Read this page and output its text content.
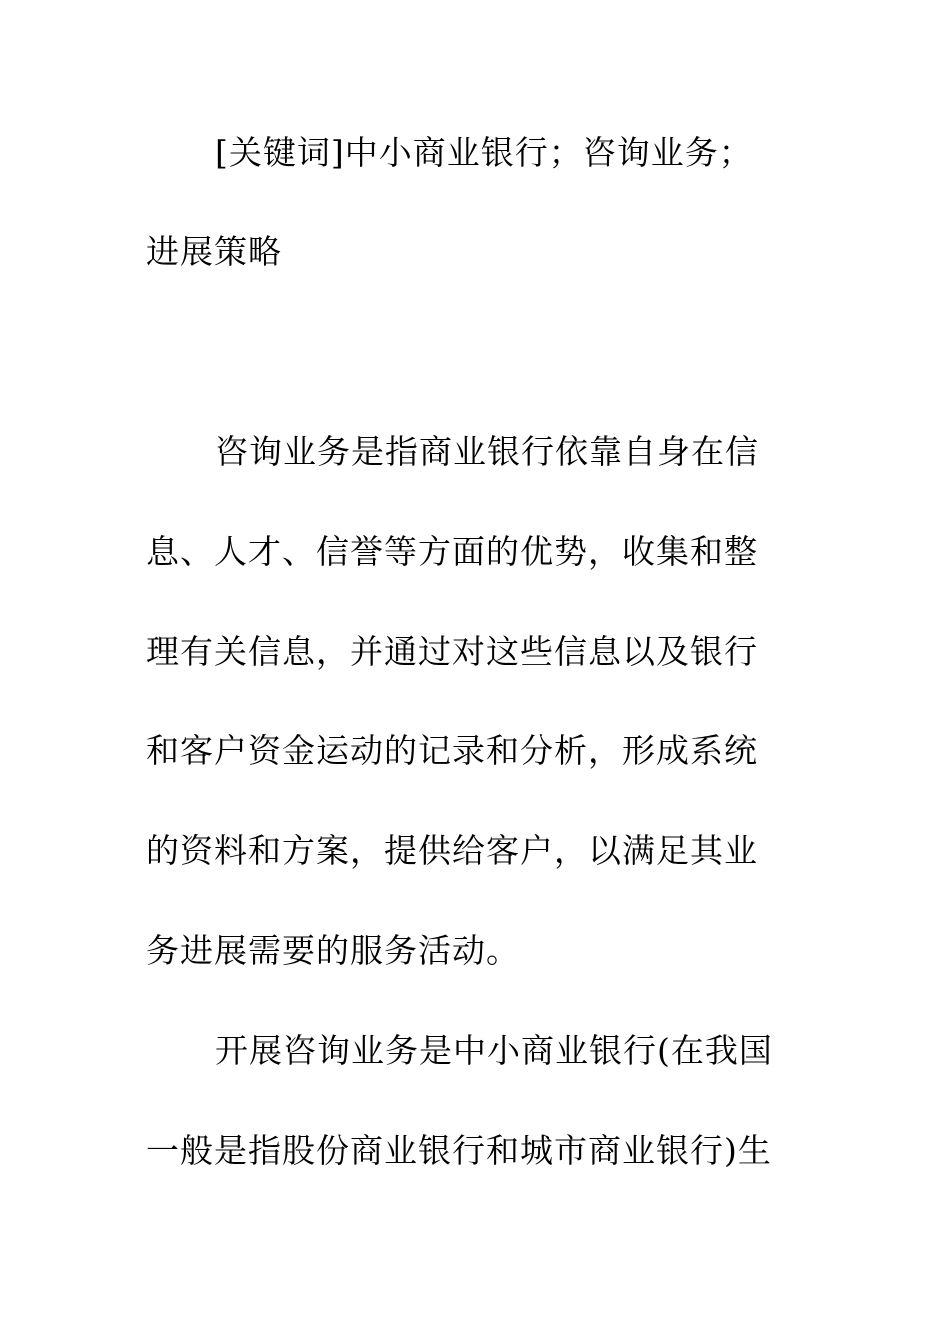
[关键词]中小商业银行；咨询业务；

进展策略

咨询业务是指商业银行依靠自身在信

息、人才、信誉等方面的优势，收集和整

理有关信息，并通过对这些信息以及银行

和客户资金运动的记录和分析，形成系统

的资料和方案，提供给客户，以满足其业

务进展需要的服务活动。

开展咨询业务是中小商业银行(在我国

一般是指股份商业银行和城市商业银行)生
